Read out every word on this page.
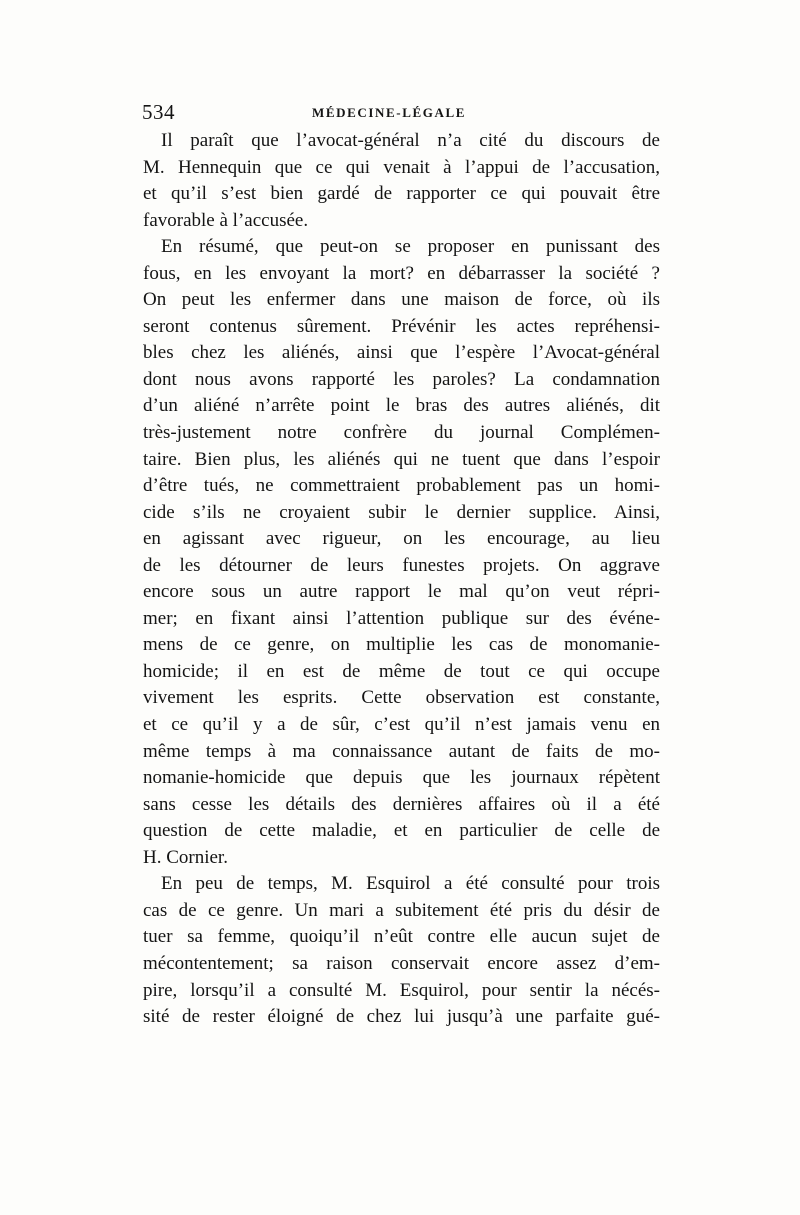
534	MÉDECINE-LÉGALE
Il paraît que l’avocat-général n’a cité du discours de
M. Hennequin que ce qui venait à l’appui de l’accusation,
et qu’il s’est bien gardé de rapporter ce qui pouvait être
favorable à l’accusée.
En résumé, que peut-on se proposer en punissant des
fous, en les envoyant la mort? en débarrasser la société ?
On peut les enfermer dans une maison de force, où ils
seront contenus sûrement. Prévénir les actes repréhensi-
bles chez les aliénés, ainsi que l’espère l’Avocat-général
dont nous avons rapporté les paroles? La condamnation
d’un aliéné n’arrête point le bras des autres aliénés, dit
très-justement notre confrère du journal Complémen-
taire. Bien plus, les aliénés qui ne tuent que dans l’espoir
d’être tués, ne commettraient probablement pas un homi-
cide s’ils ne croyaient subir le dernier supplice. Ainsi,
en agissant avec rigueur, on les encourage, au lieu
de les détourner de leurs funestes projets. On aggrave
encore sous un autre rapport le mal qu’on veut répri-
mer; en fixant ainsi l’attention publique sur des événe-
mens de ce genre, on multiplie les cas de monomanie-
homicide; il en est de même de tout ce qui occupe
vivement les esprits. Cette observation est constante,
et ce qu’il y a de sûr, c’est qu’il n’est jamais venu en
même temps à ma connaissance autant de faits de mo-
nomanie-homicide que depuis que les journaux répètent
sans cesse les détails des dernières affaires où il a été
question de cette maladie, et en particulier de celle de
H. Cornier.
En peu de temps, M. Esquirol a été consulté pour trois
cas de ce genre. Un mari a subitement été pris du désir de
tuer sa femme, quoiqu’il n’eût contre elle aucun sujet de
mécontentement; sa raison conservait encore assez d’em-
pire, lorsqu’il a consulté M. Esquirol, pour sentir la nécés-
sité de rester éloigné de chez lui jusqu’à une parfaite gué-
